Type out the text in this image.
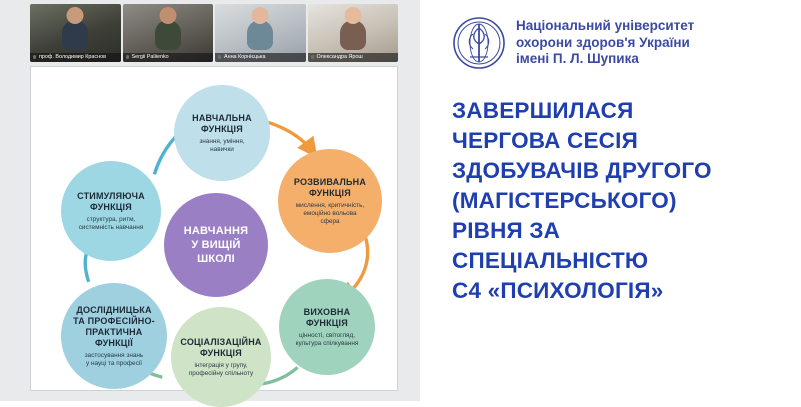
проф. Володимир Краснов	Sergii Paliienko	Анна Корнієцька	Олександра Ярош
СТИМУЛЯЮЧА
ФУНКЦІЯ
структура, ритм,
системність навчання
НАВЧАЛЬНА
ФУНКЦІЯ
знання, уміння,
навички
РОЗВИВАЛЬНА
ФУНКЦІЯ
мислення, критичність,
емоційно вольова
сфера
ВИХОВНА
ФУНКЦІЯ
цінності, світогляд,
культура спілкування
СОЦІАЛІЗАЦІЙНА
ФУНКЦІЯ
інтеграція у групу,
професійну спільноту
ДОСЛІДНИЦЬКА
ТА ПРОФЕСІЙНО-
ПРАКТИЧНА
ФУНКЦІЇ
застосування знань
у науці та професії
НАВЧАННЯ
У ВИЩІЙ
ШКОЛІ
Національний університет
охорони здоров'я України
імені П. Л. Шупика
ЗАВЕРШИЛАСЯ
ЧЕРГОВА СЕСІЯ
ЗДОБУВАЧІВ ДРУГОГО
(МАГІСТЕРСЬКОГО)
РІВНЯ ЗА
СПЕЦІАЛЬНІСТЮ
С4 «ПСИХОЛОГІЯ»
